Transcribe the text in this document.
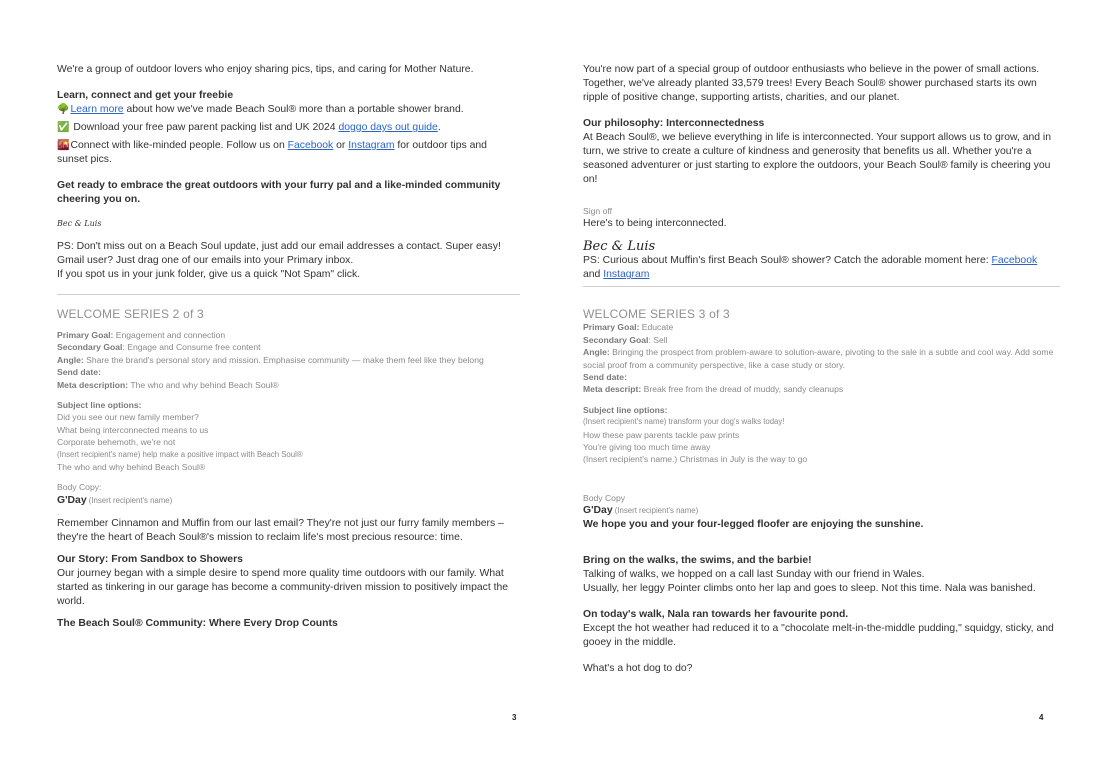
We're a group of outdoor lovers who enjoy sharing pics, tips, and caring for Mother Nature.

Learn, connect and get your freebie

🌳Learn more about how we've made Beach Soul® more than a portable shower brand.

✅ Download your free paw parent packing list and UK 2024 doggo days out guide.

🌇Connect with like-minded people. Follow us on Facebook or Instagram for outdoor tips and sunset pics.

Get ready to embrace the great outdoors with your furry pal and a like-minded community cheering you on.

Bec & Luis

PS: Don't miss out on a Beach Soul update, just add our email addresses a contact. Super easy!

Gmail user? Just drag one of our emails into your Primary inbox.

If you spot us in your junk folder, give us a quick "Not Spam" click.

WELCOME SERIES 2 of 3

Primary Goal: Engagement and connection

Secondary Goal: Engage and Consume free content

Angle: Share the brand's personal story and mission. Emphasise community — make them feel like they belong

Send date:

Meta description: The who and why behind Beach Soul®

Subject line options:

Did you see our new family member?

What being interconnected means to us

Corporate behemoth, we're not

(Insert recipient's name) help make a positive impact with Beach Soul®

The who and why behind Beach Soul®

Body Copy:

G'Day (Insert recipient's name)

.

Remember Cinnamon and Muffin from our last email? They're not just our furry family members – they're the heart of Beach Soul®'s mission to reclaim life's most precious resource: time.

Our Story: From Sandbox to Showers

Our journey began with a simple desire to spend more quality time outdoors with our family. What started as tinkering in our garage has become a community-driven mission to positively impact the world.

The Beach Soul® Community: Where Every Drop Counts

3

You're now part of a special group of outdoor enthusiasts who believe in the power of small actions. Together, we've already planted 33,579 trees! Every Beach Soul® shower purchased starts its own ripple of positive change, supporting artists, charities, and our planet.

Our philosophy: Interconnectedness

At Beach Soul®, we believe everything in life is interconnected. Your support allows us to grow, and in turn, we strive to create a culture of kindness and generosity that benefits us all. Whether you're a seasoned adventurer or just starting to explore the outdoors, your Beach Soul® family is cheering you on!

Sign off

Here's to being interconnected.

Bec & Luis

PS: Curious about Muffin's first Beach Soul® shower? Catch the adorable moment here: Facebook

and Instagram

WELCOME SERIES 3 of 3

Primary Goal: Educate

Secondary Goal: Sell

Angle: Bringing the prospect from problem-aware to solution-aware, pivoting to the sale in a subtle and cool way. Add some social proof from a community perspective, like a case study or story.

Send date:

Meta descript: Break free from the dread of muddy, sandy cleanups

Subject line options:

(Insert recipient's name) transform your dog's walks today!

How these paw parents tackle paw prints

You're giving too much time away

(Insert recipient's name.) Christmas in July is the way to go

Body Copy

G'Day (Insert recipient's name)

We hope you and your four-legged floofer are enjoying the sunshine.

Bring on the walks, the swims, and the barbie!

Talking of walks, we hopped on a call last Sunday with our friend in Wales.

Usually, her leggy Pointer climbs onto her lap and goes to sleep. Not this time. Nala was banished.

On today's walk, Nala ran towards her favourite pond.

Except the hot weather had reduced it to a "chocolate melt-in-the-middle pudding," squidgy, sticky, and gooey in the middle.

What's a hot dog to do?

4
